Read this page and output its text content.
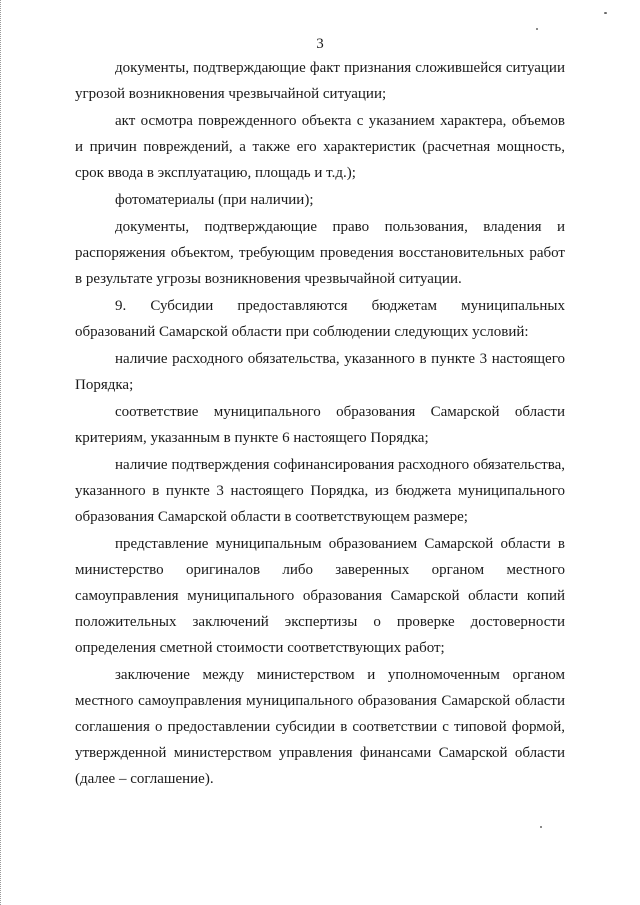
3

документы, подтверждающие факт признания сложившейся ситуации угрозой возникновения чрезвычайной ситуации;

акт осмотра поврежденного объекта с указанием характера, объемов и причин повреждений, а также его характеристик (расчетная мощность, срок ввода в эксплуатацию, площадь и т.д.);

фотоматериалы (при наличии);

документы, подтверждающие право пользования, владения и распоряжения объектом, требующим проведения восстановительных работ в результате угрозы возникновения чрезвычайной ситуации.

9. Субсидии предоставляются бюджетам муниципальных образований Самарской области при соблюдении следующих условий:

наличие расходного обязательства, указанного в пункте 3 настоящего Порядка;

соответствие муниципального образования Самарской области критериям, указанным в пункте 6 настоящего Порядка;

наличие подтверждения софинансирования расходного обязательства, указанного в пункте 3 настоящего Порядка, из бюджета муниципального образования Самарской области в соответствующем размере;

представление муниципальным образованием Самарской области в министерство оригиналов либо заверенных органом местного самоуправления муниципального образования Самарской области копий положительных заключений экспертизы о проверке достоверности определения сметной стоимости соответствующих работ;

заключение между министерством и уполномоченным органом местного самоуправления муниципального образования Самарской области соглашения о предоставлении субсидии в соответствии с типовой формой, утвержденной министерством управления финансами Самарской области (далее – соглашение).
